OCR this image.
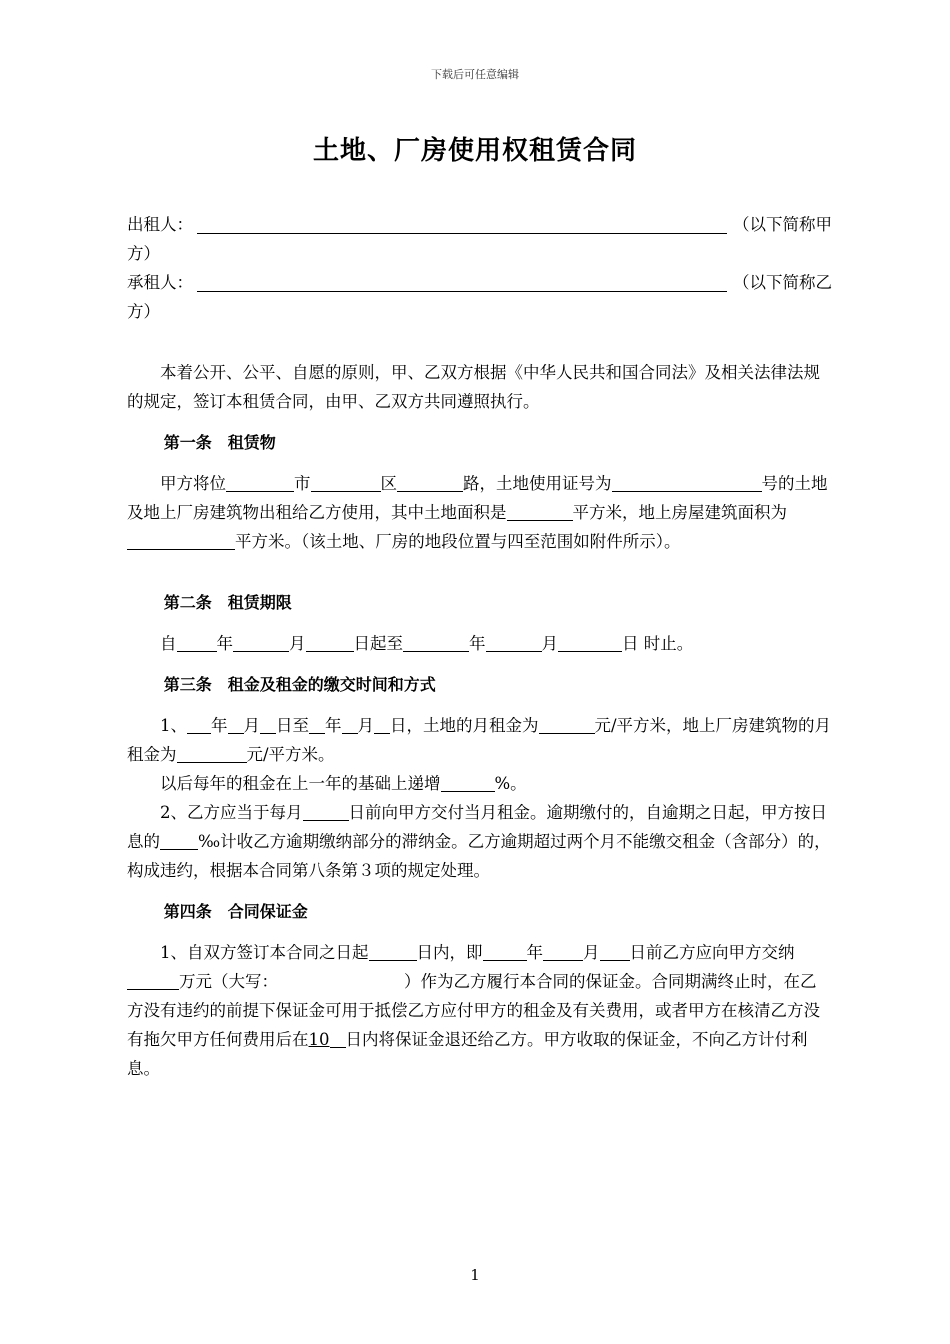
下载后可任意编辑
土地、厂房使用权租赁合同
出租人：	（以下简称甲

方）

承租人：	（以下简称乙

方）

本着公开、公平、自愿的原则，甲、乙双方根据《中华人民共和国合同法》及相关法律法规的规定，签订本租赁合同，由甲、乙双方共同遵照执行。

第一条　租赁物

甲方将位	市	区	路，土地使用证号为	号的土地及地上厂房建筑物出租给乙方使用，其中土地面积是	平方米，地上房屋建筑面积为 平方米。（该土地、厂房的地段位置与四至范围如附件所示）。

第二条　租赁期限

自 年	月	日起至	年	月	日 时止。

第三条　租金及租金的缴交时间和方式

1、 年 月 日至 年 月 日，土地的月租金为	元/平方米，地上厂房建筑物的月租金为	元/平方米。

以后每年的租金在上一年的基础上递增	%。

2、乙方应当于每月	日前向甲方交付当月租金。逾期缴付的，自逾期之日起，甲方按日息的 ‰计收乙方逾期缴纳部分的滞纳金。乙方逾期超过两个月不能缴交租金（含部分）的，构成违约，根据本合同第八条第３项的规定处理。

第四条　合同保证金

1、自双方签订本合同之日起	日内，即	年 月 日前乙方应向甲方交纳万元（大写：	）作为乙方履行本合同的保证金。合同期满终止时，在乙方没有违约的前提下保证金可用于抵偿乙方应付甲方的租金及有关费用，或者甲方在核清乙方没有拖欠甲方任何费用后在10 日内将保证金退还给乙方。甲方收取的保证金，不向乙方计付利息。

1
